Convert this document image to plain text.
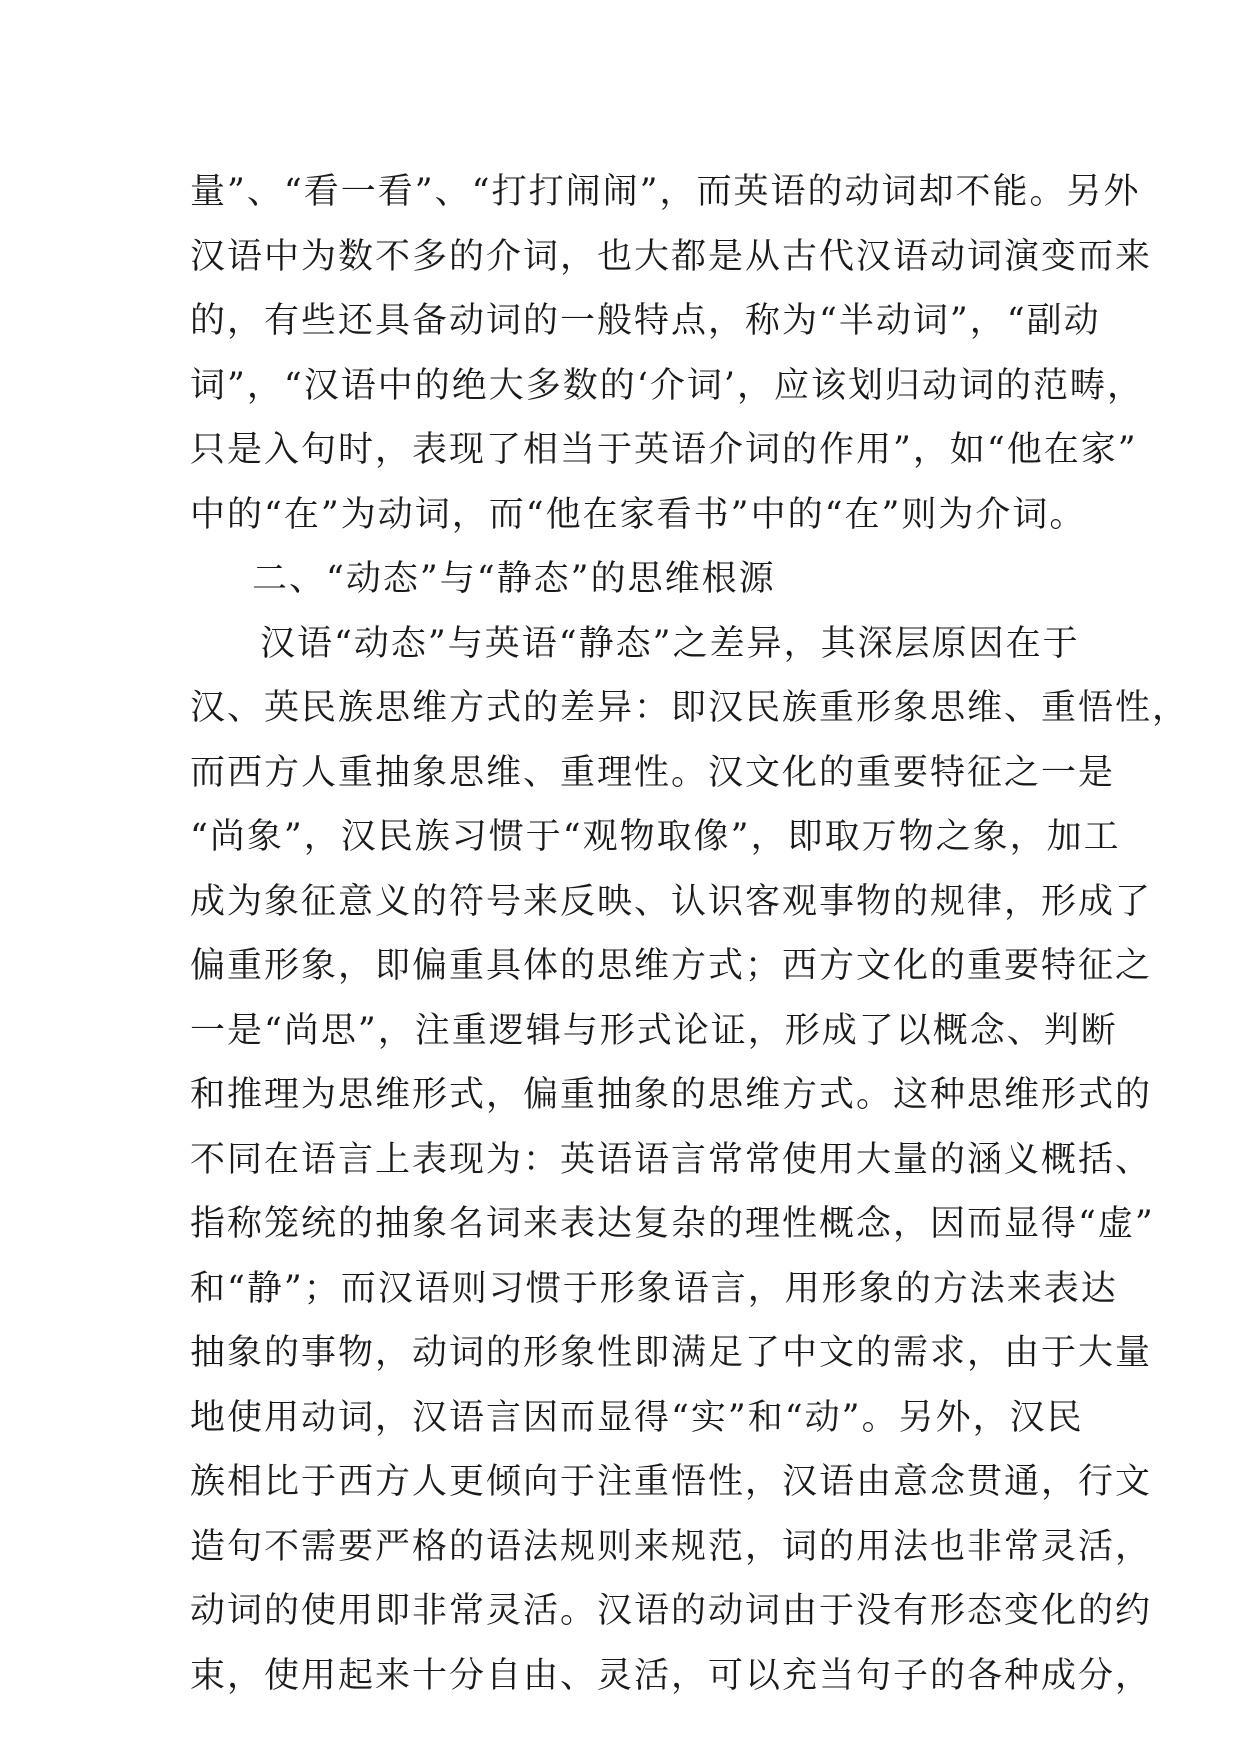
量”、“看一看”、“打打闹闹”，而英语的动词却不能。另外
汉语中为数不多的介词，也大都是从古代汉语动词演变而来
的，有些还具备动词的一般特点，称为“半动词”，“副动
词”，“汉语中的绝大多数的‘介词’，应该划归动词的范畴，
只是入句时，表现了相当于英语介词的作用”，如“他在家”
中的“在”为动词，而“他在家看书”中的“在”则为介词。
二、“动态”与“静态”的思维根源
汉语“动态”与英语“静态”之差异，其深层原因在于
汉、英民族思维方式的差异：即汉民族重形象思维、重悟性，
而西方人重抽象思维、重理性。汉文化的重要特征之一是
“尚象”，汉民族习惯于“观物取像”，即取万物之象，加工
成为象征意义的符号来反映、认识客观事物的规律，形成了
偏重形象，即偏重具体的思维方式；西方文化的重要特征之
一是“尚思”，注重逻辑与形式论证，形成了以概念、判断
和推理为思维形式，偏重抽象的思维方式。这种思维形式的
不同在语言上表现为：英语语言常常使用大量的涵义概括、
指称笼统的抽象名词来表达复杂的理性概念，因而显得“虚”
和“静”；而汉语则习惯于形象语言，用形象的方法来表达
抽象的事物，动词的形象性即满足了中文的需求，由于大量
地使用动词，汉语言因而显得“实”和“动”。另外，汉民
族相比于西方人更倾向于注重悟性，汉语由意念贯通，行文
造句不需要严格的语法规则来规范，词的用法也非常灵活，
动词的使用即非常灵活。汉语的动词由于没有形态变化的约
束，使用起来十分自由、灵活，可以充当句子的各种成分，
